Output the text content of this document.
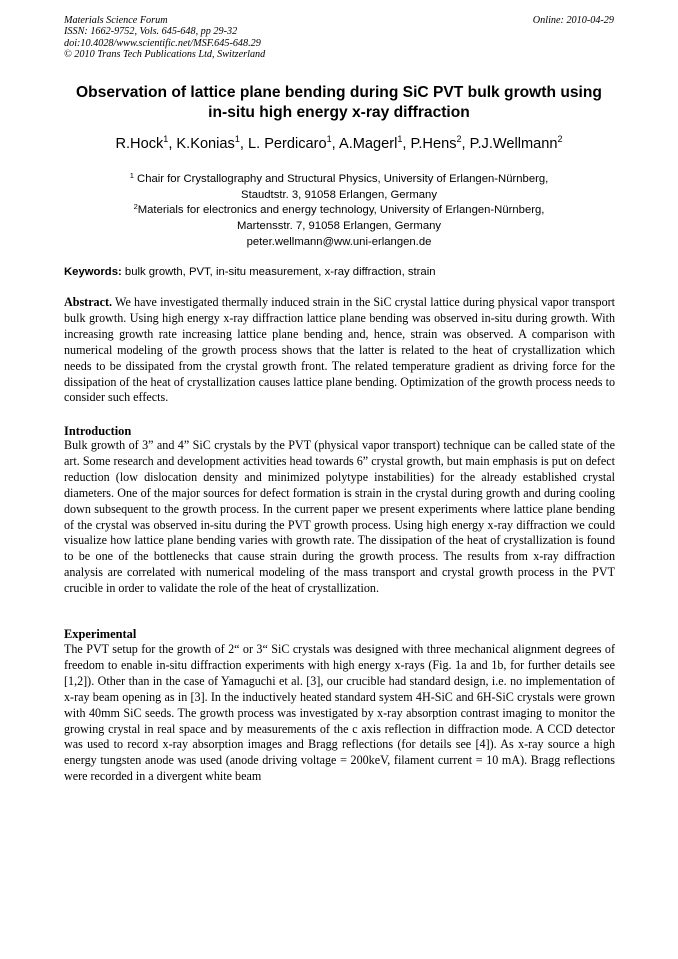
Materials Science Forum
ISSN: 1662-9752, Vols. 645-648, pp 29-32
doi:10.4028/www.scientific.net/MSF.645-648.29
© 2010 Trans Tech Publications Ltd, Switzerland
Online: 2010-04-29
Observation of lattice plane bending during SiC PVT bulk growth using
in-situ high energy x-ray diffraction

R.Hock$^1$, K.Konias$^1$, L. Perdicaro$^1$, A.Magerl$^1$, P.Hens$^2$, P.J.Wellmann$^2$

$^1$ Chair for Crystallography and Structural Physics, University of Erlangen-Nürnberg,
Staudtstr. 3, 91058 Erlangen, Germany
$^2$Materials for electronics and energy technology, University of Erlangen-Nürnberg,
Martensstr. 7, 91058 Erlangen, Germany
peter.wellmann@ww.uni-erlangen.de

Keywords: bulk growth, PVT, in-situ measurement, x-ray diffraction, strain

Abstract. We have investigated thermally induced strain in the SiC crystal lattice during physical vapor transport bulk growth. Using high energy x-ray diffraction lattice plane bending was observed in-situ during growth. With increasing growth rate increasing lattice plane bending and, hence, strain was observed. A comparison with numerical modeling of the growth process shows that the latter is related to the heat of crystallization which needs to be dissipated from the crystal growth front. The related temperature gradient as driving force for the dissipation of the heat of crystallization causes lattice plane bending. Optimization of the growth process needs to consider such effects.

Introduction

Bulk growth of 3” and 4” SiC crystals by the PVT (physical vapor transport) technique can be called state of the art. Some research and development activities head towards 6” crystal growth, but main emphasis is put on defect reduction (low dislocation density and minimized polytype instabilities) for the already established crystal diameters. One of the major sources for defect formation is strain in the crystal during growth and during cooling down subsequent to the growth process. In the current paper we present experiments where lattice plane bending of the crystal was observed in-situ during the PVT growth process. Using high energy x-ray diffraction we could visualize how lattice plane bending varies with growth rate. The dissipation of the heat of crystallization is found to be one of the bottlenecks that cause strain during the growth process. The results from x-ray diffraction analysis are correlated with numerical modeling of the mass transport and crystal growth process in the PVT crucible in order to validate the role of the heat of crystallization.

Experimental

The PVT setup for the growth of 2“ or 3“ SiC crystals was designed with three mechanical alignment degrees of freedom to enable in-situ diffraction experiments with high energy x-rays (Fig. 1a and 1b, for further details see [1,2]). Other than in the case of Yamaguchi et al. [3], our crucible had standard design, i.e. no implementation of x-ray beam opening as in [3]. In the inductively heated standard system 4H-SiC and 6H-SiC crystals were grown with 40mm SiC seeds. The growth process was investigated by x-ray absorption contrast imaging to monitor the growing crystal in real space and by measurements of the c axis reflection in diffraction mode. A CCD detector was used to record x-ray absorption images and Bragg reflections (for details see [4]). As x-ray source a high energy tungsten anode was used (anode driving voltage = 200keV, filament current = 10 mA). Bragg reflections were recorded in a divergent white beam
